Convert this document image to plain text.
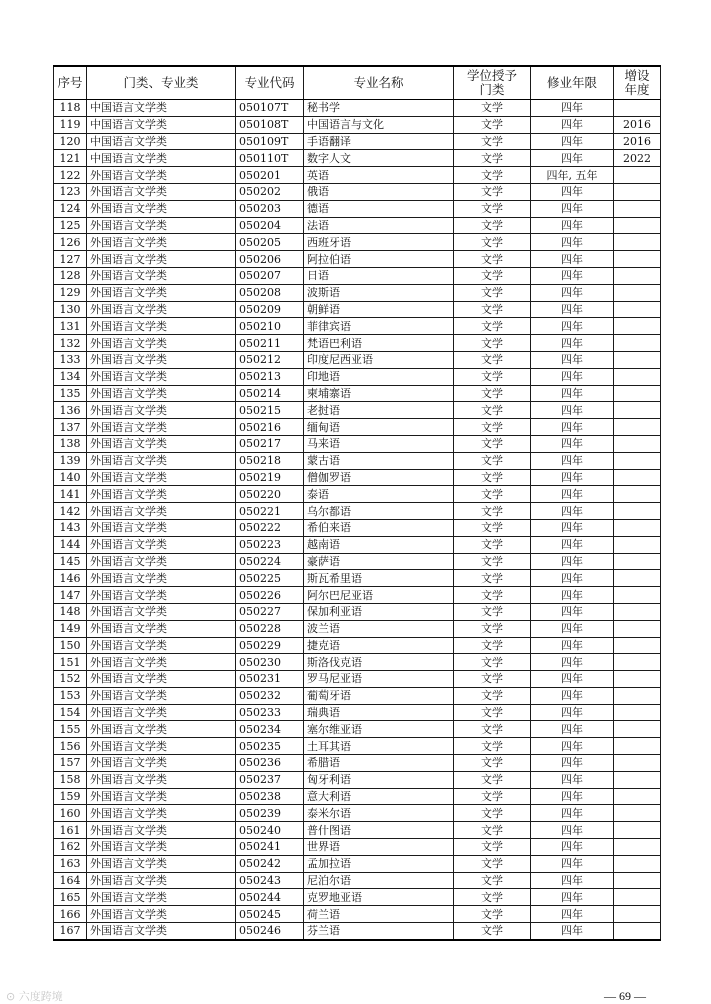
序号	门类、专业类	专业代码	专业名称	学位授予门类	修业年限	增设年度

118	中国语言文学类	050107T	秘书学	文学	四年	
119	中国语言文学类	050108T	中国语言与文化	文学	四年	2016
120	中国语言文学类	050109T	手语翻译	文学	四年	2016
121	中国语言文学类	050110T	数字人文	文学	四年	2022
122	外国语言文学类	050201	英语	文学	四年, 五年	
123	外国语言文学类	050202	俄语	文学	四年	
124	外国语言文学类	050203	德语	文学	四年	
125	外国语言文学类	050204	法语	文学	四年	
126	外国语言文学类	050205	西班牙语	文学	四年	
127	外国语言文学类	050206	阿拉伯语	文学	四年	
128	外国语言文学类	050207	日语	文学	四年	
129	外国语言文学类	050208	波斯语	文学	四年	
130	外国语言文学类	050209	朝鲜语	文学	四年	
131	外国语言文学类	050210	菲律宾语	文学	四年	
132	外国语言文学类	050211	梵语巴利语	文学	四年	
133	外国语言文学类	050212	印度尼西亚语	文学	四年	
134	外国语言文学类	050213	印地语	文学	四年	
135	外国语言文学类	050214	柬埔寨语	文学	四年	
136	外国语言文学类	050215	老挝语	文学	四年	
137	外国语言文学类	050216	缅甸语	文学	四年	
138	外国语言文学类	050217	马来语	文学	四年	
139	外国语言文学类	050218	蒙古语	文学	四年	
140	外国语言文学类	050219	僧伽罗语	文学	四年	
141	外国语言文学类	050220	泰语	文学	四年	
142	外国语言文学类	050221	乌尔都语	文学	四年	
143	外国语言文学类	050222	希伯来语	文学	四年	
144	外国语言文学类	050223	越南语	文学	四年	
145	外国语言文学类	050224	豪萨语	文学	四年	
146	外国语言文学类	050225	斯瓦希里语	文学	四年	
147	外国语言文学类	050226	阿尔巴尼亚语	文学	四年	
148	外国语言文学类	050227	保加利亚语	文学	四年	
149	外国语言文学类	050228	波兰语	文学	四年	
150	外国语言文学类	050229	捷克语	文学	四年	
151	外国语言文学类	050230	斯洛伐克语	文学	四年	
152	外国语言文学类	050231	罗马尼亚语	文学	四年	
153	外国语言文学类	050232	葡萄牙语	文学	四年	
154	外国语言文学类	050233	瑞典语	文学	四年	
155	外国语言文学类	050234	塞尔维亚语	文学	四年	
156	外国语言文学类	050235	土耳其语	文学	四年	
157	外国语言文学类	050236	希腊语	文学	四年	
158	外国语言文学类	050237	匈牙利语	文学	四年	
159	外国语言文学类	050238	意大利语	文学	四年	
160	外国语言文学类	050239	泰米尔语	文学	四年	
161	外国语言文学类	050240	普什图语	文学	四年	
162	外国语言文学类	050241	世界语	文学	四年	
163	外国语言文学类	050242	孟加拉语	文学	四年	
164	外国语言文学类	050243	尼泊尔语	文学	四年	
165	外国语言文学类	050244	克罗地亚语	文学	四年	
166	外国语言文学类	050245	荷兰语	文学	四年	
167	外国语言文学类	050246	芬兰语	文学	四年	
— 69 —
⊙ 六度跨境
